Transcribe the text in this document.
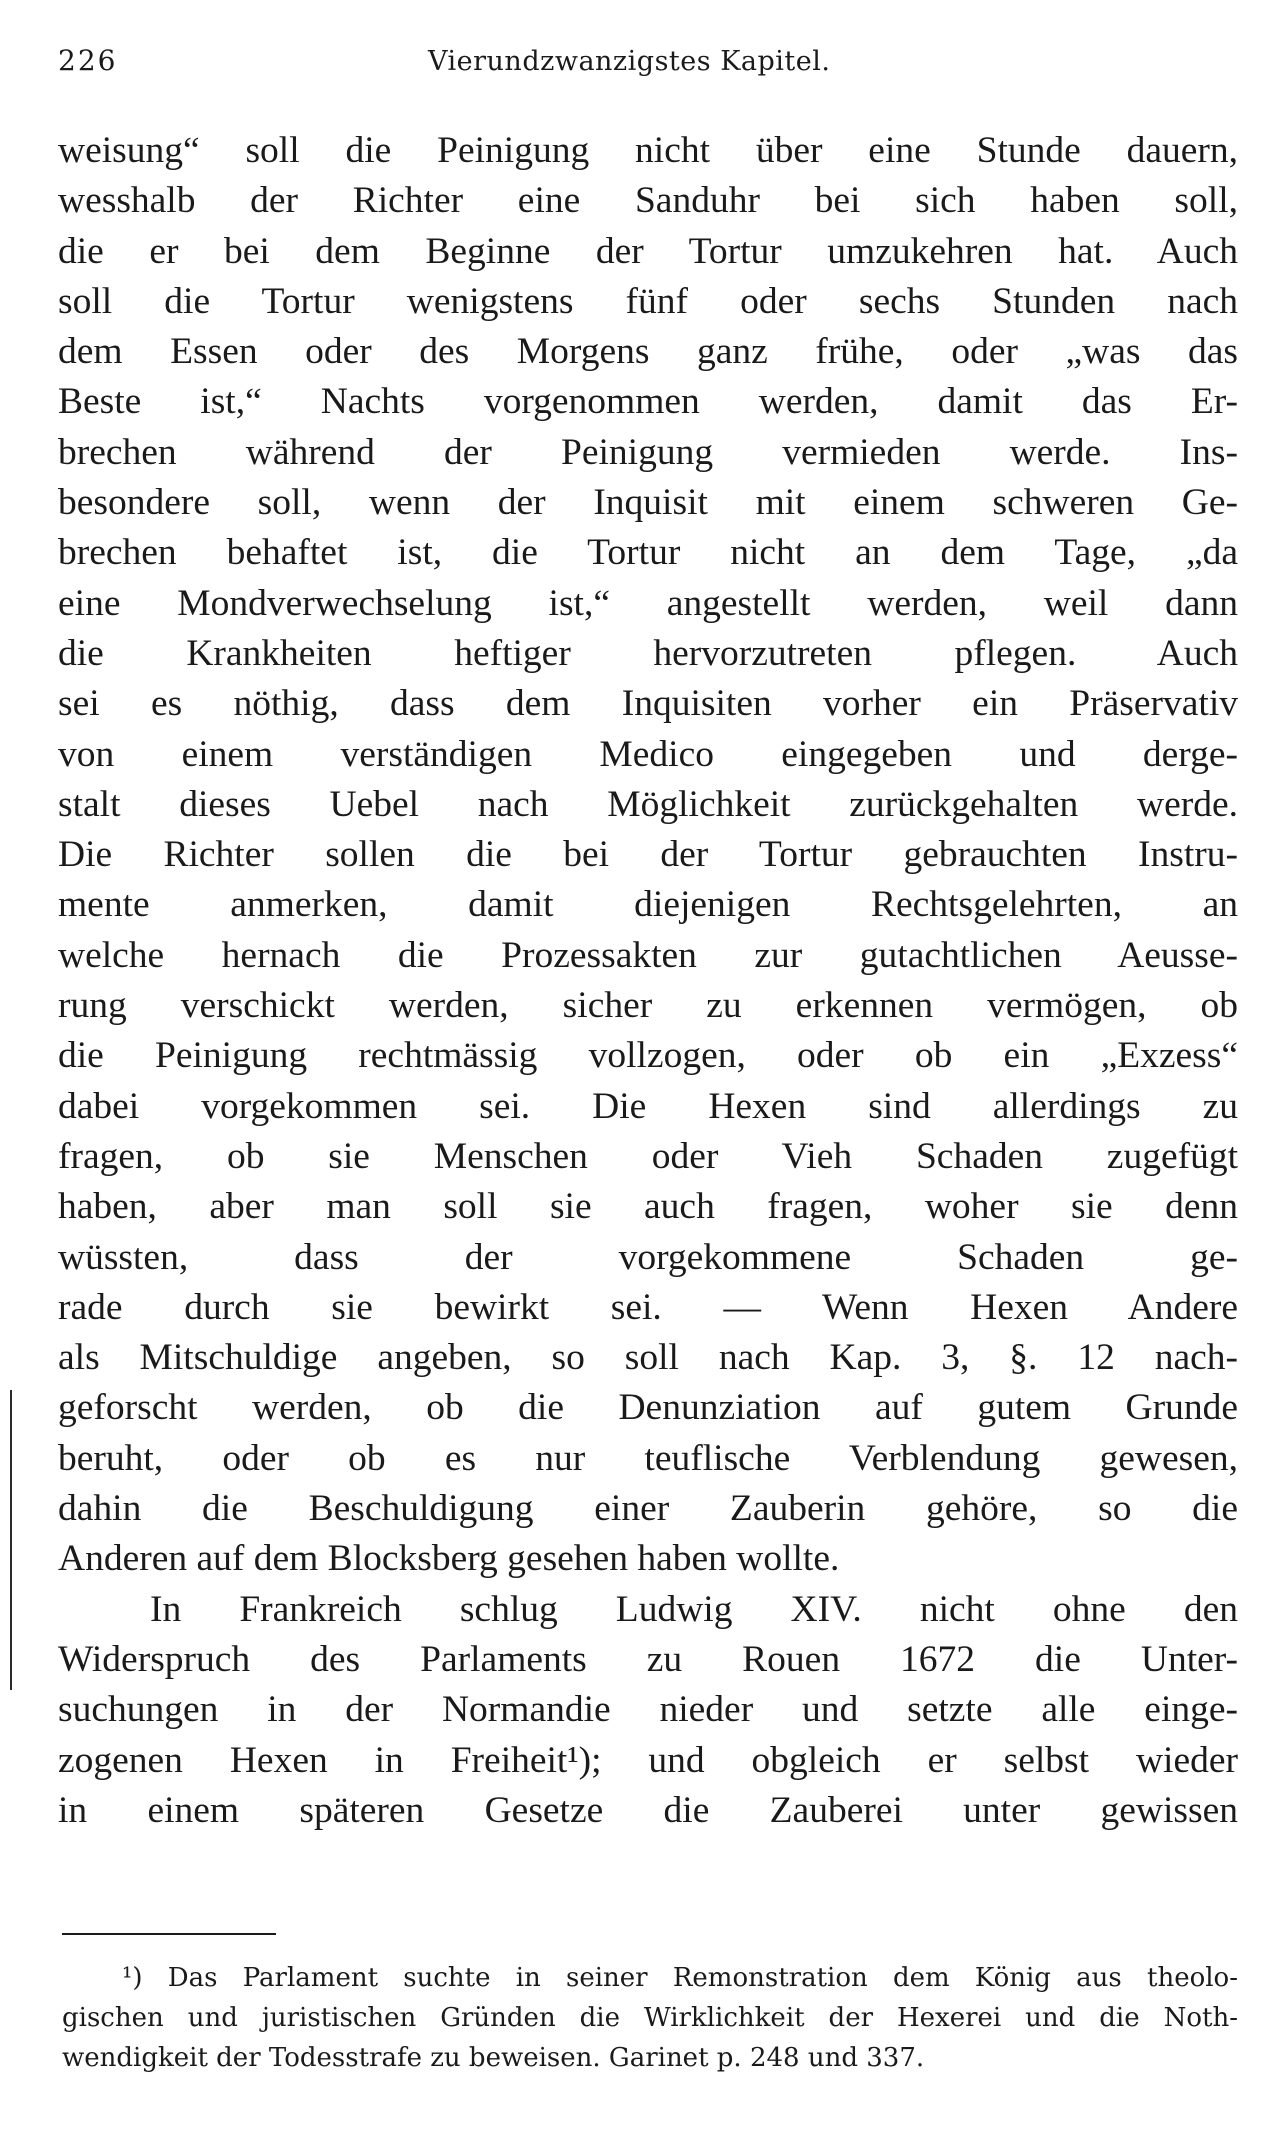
226	Vierundzwanzigstes Kapitel.
weisung“ soll die Peinigung nicht über eine Stunde dauern,
wesshalb der Richter eine Sanduhr bei sich haben soll,
die er bei dem Beginne der Tortur umzukehren hat. Auch
soll die Tortur wenigstens fünf oder sechs Stunden nach
dem Essen oder des Morgens ganz frühe, oder „was das
Beste ist,“ Nachts vorgenommen werden, damit das Er-
brechen während der Peinigung vermieden werde. Ins-
besondere soll, wenn der Inquisit mit einem schweren Ge-
brechen behaftet ist, die Tortur nicht an dem Tage, „da
eine Mondverwechselung ist,“ angestellt werden, weil dann
die Krankheiten heftiger hervorzutreten pflegen. Auch
sei es nöthig, dass dem Inquisiten vorher ein Präservativ
von einem verständigen Medico eingegeben und derge-
stalt dieses Uebel nach Möglichkeit zurückgehalten werde.
Die Richter sollen die bei der Tortur gebrauchten Instru-
mente anmerken, damit diejenigen Rechtsgelehrten, an
welche hernach die Prozessakten zur gutachtlichen Aeusse-
rung verschickt werden, sicher zu erkennen vermögen, ob
die Peinigung rechtmässig vollzogen, oder ob ein „Exzess“
dabei vorgekommen sei. Die Hexen sind allerdings zu
fragen, ob sie Menschen oder Vieh Schaden zugefügt
haben, aber man soll sie auch fragen, woher sie denn
wüssten, dass der vorgekommene Schaden ge-
rade durch sie bewirkt sei. — Wenn Hexen Andere
als Mitschuldige angeben, so soll nach Kap. 3, §. 12 nach-
geforscht werden, ob die Denunziation auf gutem Grunde
beruht, oder ob es nur teuflische Verblendung gewesen,
dahin die Beschuldigung einer Zauberin gehöre, so die
Anderen auf dem Blocksberg gesehen haben wollte.
In Frankreich schlug Ludwig XIV. nicht ohne den
Widerspruch des Parlaments zu Rouen 1672 die Unter-
suchungen in der Normandie nieder und setzte alle einge-
zogenen Hexen in Freiheit¹); und obgleich er selbst wieder
in einem späteren Gesetze die Zauberei unter gewissen
¹) Das Parlament suchte in seiner Remonstration dem König aus theolo-
gischen und juristischen Gründen die Wirklichkeit der Hexerei und die Noth-
wendigkeit der Todesstrafe zu beweisen. Garinet p. 248 und 337.
